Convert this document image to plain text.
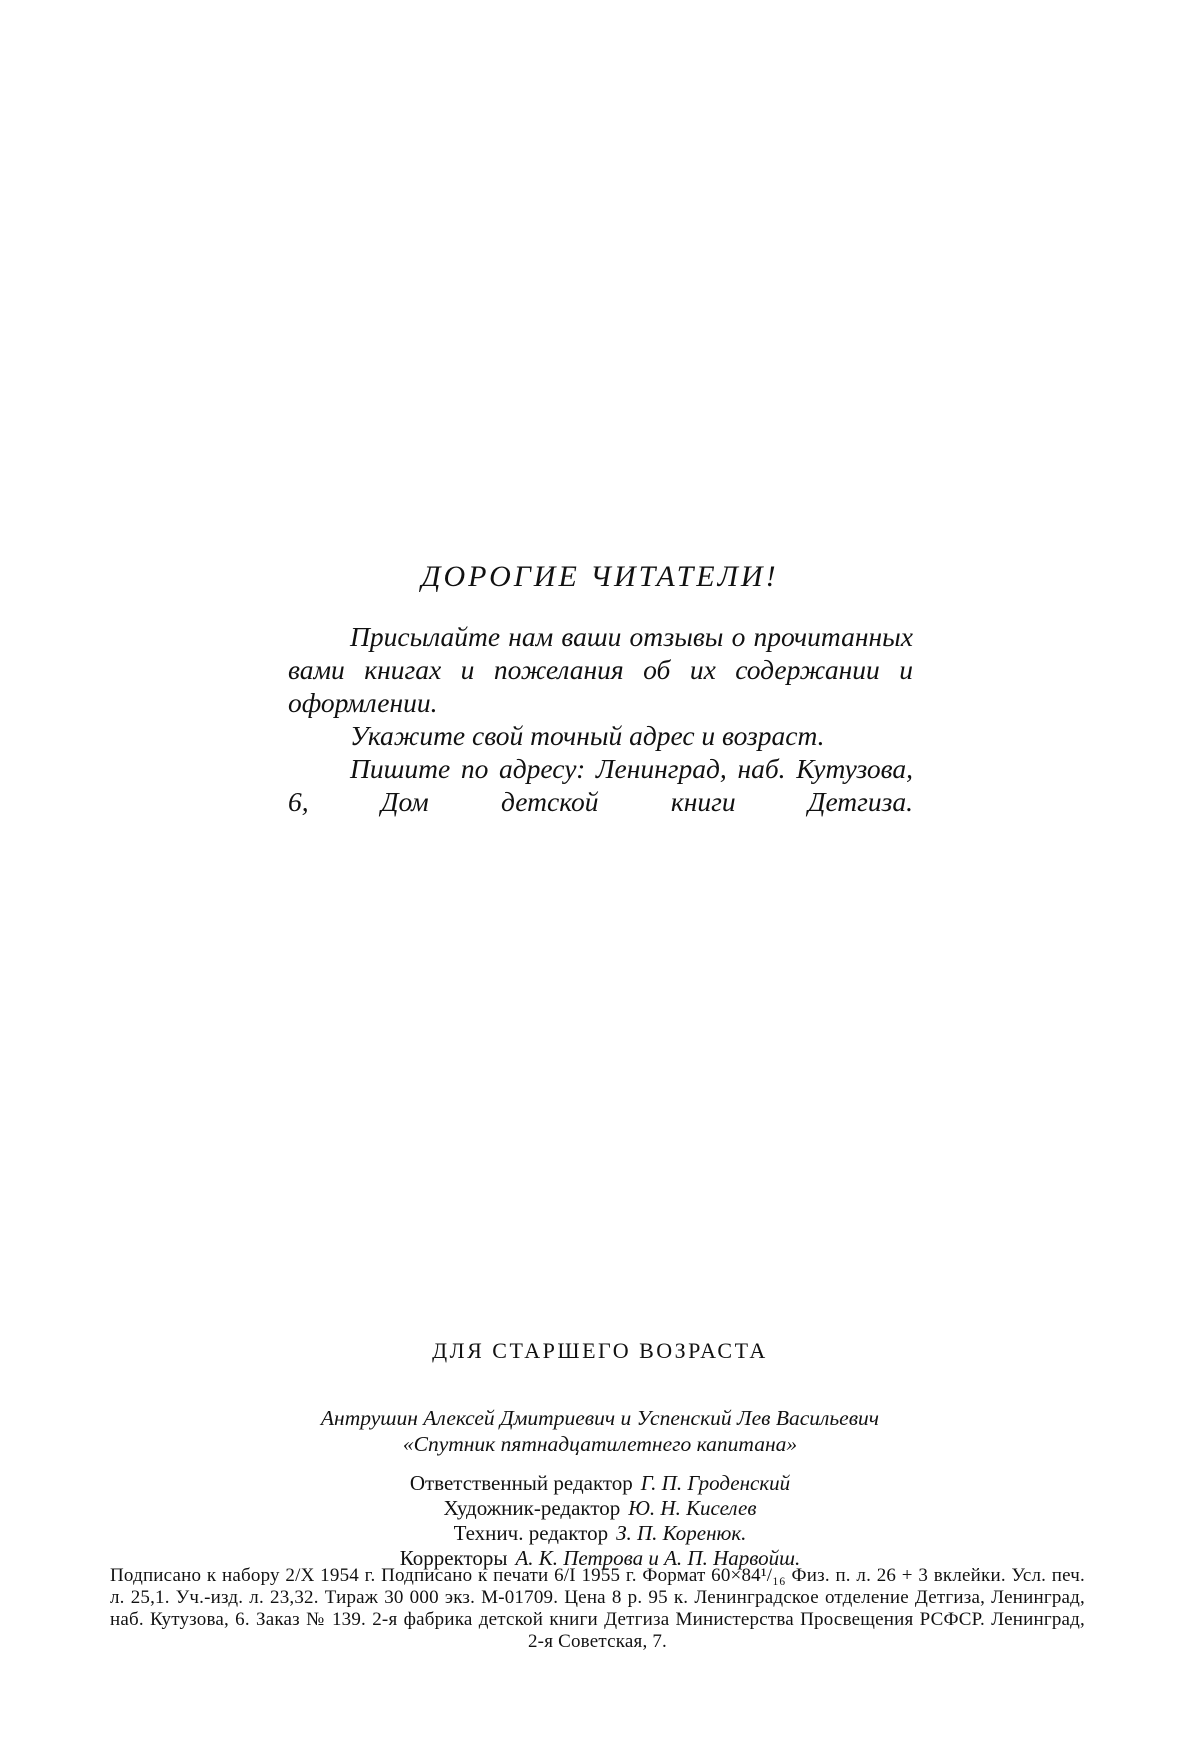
ДОРОГИЕ ЧИТАТЕЛИ!

Присылайте нам ваши отзывы о прочитанных вами книгах и пожелания об их содержании и оформлении.

Укажите свой точный адрес и возраст.

Пишите по адресу: Ленинград, наб. Кутузова, 6, Дом детской книги Детгиза.

ДЛЯ СТАРШЕГО ВОЗРАСТА
Антрушин Алексей Дмитриевич и Успенский Лев Васильевич
«Спутник пятнадцатилетнего капитана»
Ответственный редактор Г. П. Гроденский
Художник-редактор Ю. Н. Киселев
Технич. редактор З. П. Коренюк.
Корректоры А. К. Петрова и А. П. Нарвойш.
Подписано к набору 2/X 1954 г. Подписано к печати 6/I 1955 г. Формат 60×84¹/₁₆ Физ. п. л. 26 + 3 вклейки. Усл. печ. л. 25,1. Уч.-изд. л. 23,32. Тираж 30 000 экз. М-01709. Цена 8 р. 95 к. Ленинградское отделение Детгиза, Ленинград, наб. Кутузова, 6. Заказ № 139. 2-я фабрика детской книги Детгиза Министерства Просвещения РСФСР. Ленинград, 2-я Советская, 7.
